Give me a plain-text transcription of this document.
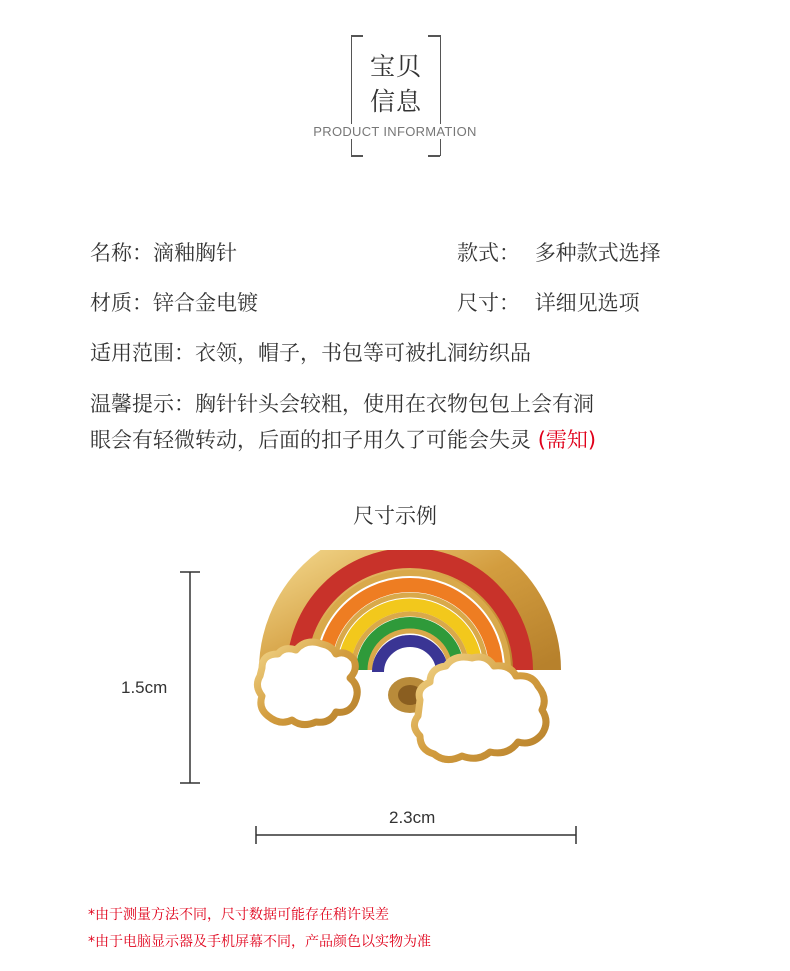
宝贝
信息
PRODUCT INFORMATION
名称：滴釉胸针	款式： 多种款式选择
材质：锌合金电镀	尺寸： 详细见选项
适用范围：衣领，帽子，书包等可被扎洞纺织品
温馨提示：胸针针头会较粗，使用在衣物包包上会有洞
眼会有轻微转动，后面的扣子用久了可能会失灵 (需知)
尺寸示例
1.5cm
2.3cm
*由于测量方法不同，尺寸数据可能存在稍许误差
*由于电脑显示器及手机屏幕不同，产品颜色以实物为准
